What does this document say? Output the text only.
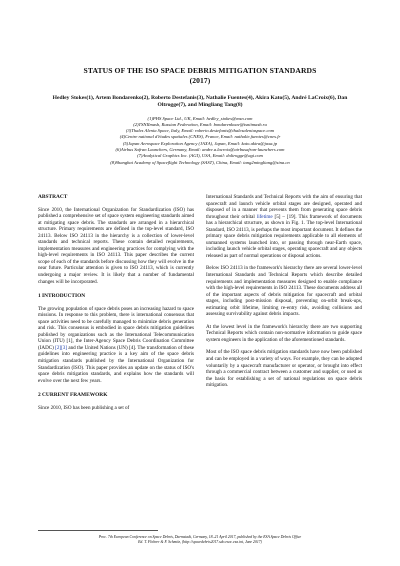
STATUS OF THE ISO SPACE DEBRIS MITIGATION STANDARDS
(2017)
Hedley Stokes(1), Artem Bondarenko(2), Roberto Destefanis(3), Nathalie Fuentes(4), Akira Kato(5), André LaCroix(6), Dan Oltrogge(7), and Mingliang Tang(8)
(1)PHS Space Ltd., UK, Email: hedley_stokes@msn.com
(2)TSNIImash, Russian Federation, Email: bondarenkoav@tsniimash.ru
(3)Thales Alenia Space, Italy, Email: roberto.destefanis@thalesaleniaspace.com
(4)Centre national d'études spatiales (CNES), France, Email: nathalie.fuentes@cnes.fr
(5)Japan Aerospace Exploration Agency (JAXA), Japan, Email: kato.akira@jaxa.jp
(6)Airbus Safran Launchers, Germany, Email: andre.a.lacroix@airbusafran-launchers.com
(7)Analytical Graphics Inc. (AGI), USA, Email: doltrogge@agi.com
(8)Shanghai Academy of Spaceflight Technology (SAST), China, Email: tang2mingliang@sina.cn
ABSTRACT

Since 2010, the International Organization for Standardization (ISO) has published a comprehensive set of space system engineering standards aimed at mitigating space debris. The standards are arranged in a hierarchical structure. Primary requirements are defined in the top-level standard, ISO 24113. Below ISO 24113 in the hierarchy is a collection of lower-level standards and technical reports. These contain detailed requirements, implementation measures and engineering practices for complying with the high-level requirements in ISO 24113. This paper describes the current scope of each of the standards before discussing how they will evolve in the near future. Particular attention is given to ISO 24113, which is currently undergoing a major review. It is likely that a number of fundamental changes will be incorporated.

1 INTRODUCTION

The growing population of space debris poses an increasing hazard to space missions. In response to this problem, there is international consensus that space activities need to be carefully managed to minimize debris generation and risk. This consensus is embodied in space debris mitigation guidelines published by organizations such as the International Telecommunication Union (ITU) [1], the Inter-Agency Space Debris Coordination Committee (IADC) [2][3] and the United Nations (UN) [4]. The transformation of these guidelines into engineering practice is a key aim of the space debris mitigation standards published by the International Organization for Standardization (ISO). This paper provides an update on the status of ISO's space debris mitigation standards, and explains how the standards will evolve over the next few years.

2 CURRENT FRAMEWORK

Since 2010, ISO has been publishing a set of

International Standards and Technical Reports with the aim of ensuring that spacecraft and launch vehicle orbital stages are designed, operated and disposed of in a manner that prevents them from generating space debris throughout their orbital lifetime [5] – [19]. This framework of documents has a hierarchical structure, as shown in Fig. 1. The top-level International Standard, ISO 24113, is perhaps the most important document. It defines the primary space debris mitigation requirements applicable to all elements of unmanned systems launched into, or passing through near-Earth space, including launch vehicle orbital stages, operating spacecraft and any objects released as part of normal operations or disposal actions.

Below ISO 24113 in the framework's hierarchy there are several lower-level International Standards and Technical Reports which describe detailed requirements and implementation measures designed to enable compliance with the high-level requirements in ISO 24113. These documents address all of the important aspects of debris mitigation for spacecraft and orbital stages, including post-mission disposal, preventing on-orbit break-ups, estimating orbit lifetime, limiting re-entry risk, avoiding collisions and assessing survivability against debris impacts.

At the lowest level in the framework's hierarchy there are two supporting Technical Reports which contain non-normative information to guide space system engineers in the application of the aforementioned standards.

Most of the ISO space debris mitigation standards have now been published and can be employed in a variety of ways. For example, they can be adopted voluntarily by a spacecraft manufacturer or operator, or brought into effect through a commercial contract between a customer and supplier, or used as the basis for establishing a set of national regulations on space debris mitigation.

Proc. 7th European Conference on Space Debris, Darmstadt, Germany, 18–21 April 2017, published by the ESA Space Debris Office
Ed. T. Flohrer & F. Schmitz, (http://spacedebris2017.sdo.esoc.esa.int, June 2017)
